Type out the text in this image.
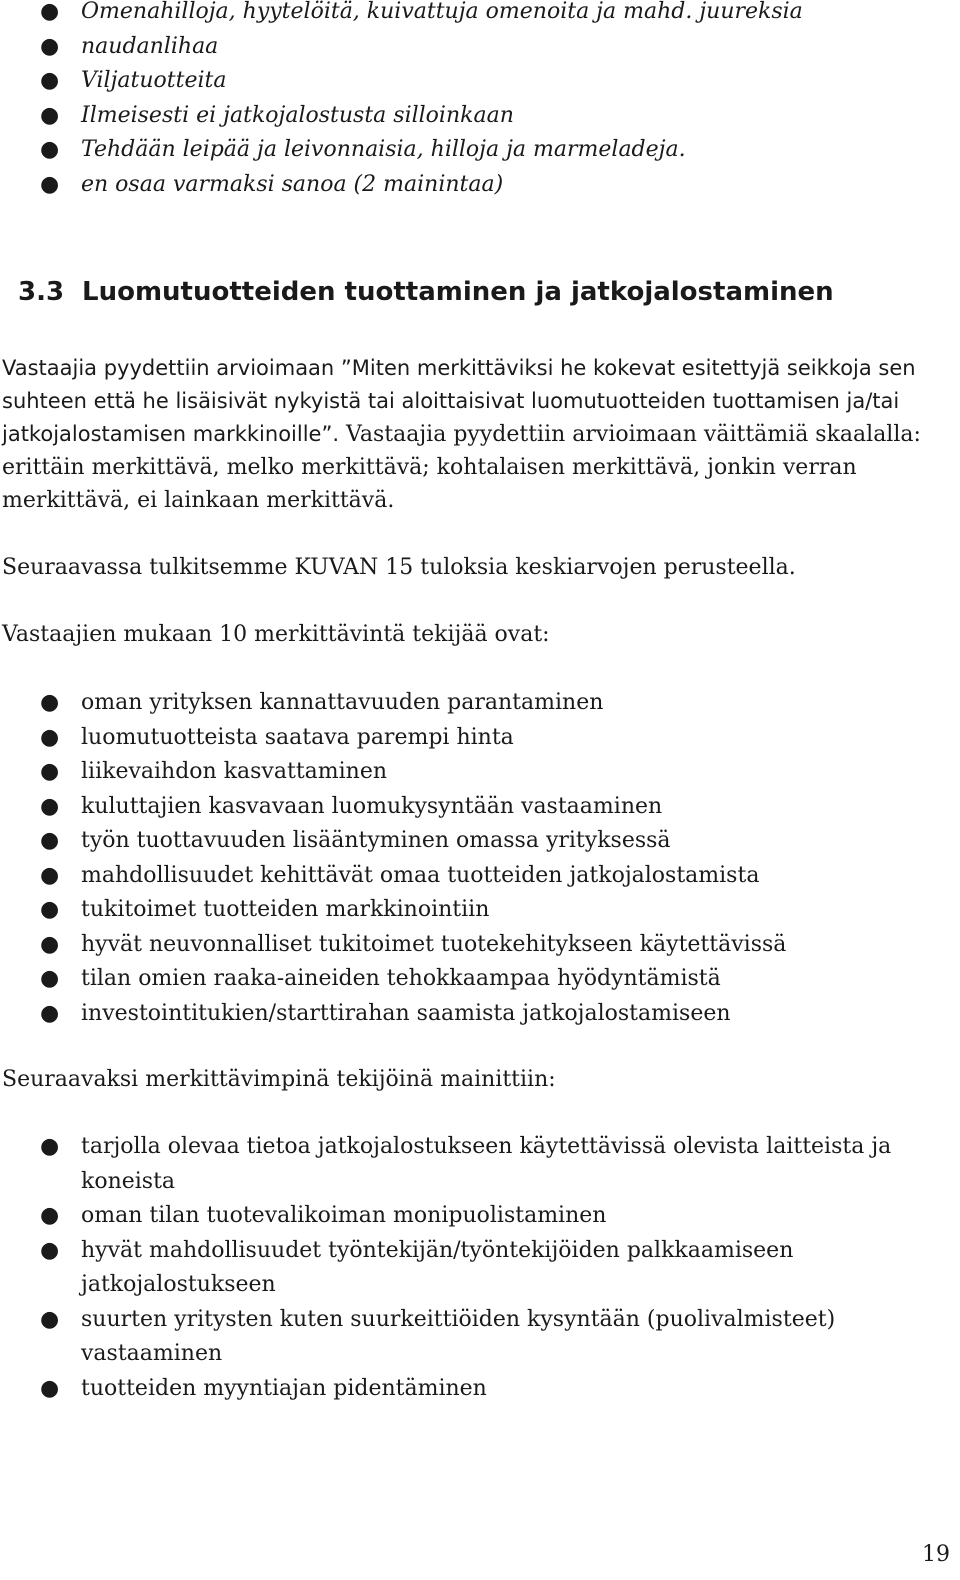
● Omenahilloja, hyytelöitä, kuivattuja omenoita ja mahd. juureksia
● naudanlihaa
● Viljatuotteita
● Ilmeisesti ei jatkojalostusta silloinkaan
● Tehdään leipää ja leivonnaisia, hilloja ja marmeladeja.
● en osaa varmaksi sanoa (2 mainintaa)
3.3 Luomutuotteiden tuottaminen ja jatkojalostaminen

Vastaajia pyydettiin arvioimaan ”Miten merkittäviksi he kokevat esitettyjä seikkoja sen suhteen että he lisäisivät nykyistä tai aloittaisivat luomutuotteiden tuottamisen ja/tai jatkojalostamisen markkinoille”. Vastaajia pyydettiin arvioimaan väittämiä skaalalla: erittäin merkittävä, melko merkittävä; kohtalaisen merkittävä, jonkin verran merkittävä, ei lainkaan merkittävä.

Seuraavassa tulkitsemme KUVAN 15 tuloksia keskiarvojen perusteella.

Vastaajien mukaan 10 merkittävintä tekijää ovat:

● oman yrityksen kannattavuuden parantaminen
● luomutuotteista saatava parempi hinta
● liikevaihdon kasvattaminen
● kuluttajien kasvavaan luomukysyntään vastaaminen
● työn tuottavuuden lisääntyminen omassa yrityksessä
● mahdollisuudet kehittävät omaa tuotteiden jatkojalostamista
● tukitoimet tuotteiden markkinointiin
● hyvät neuvonnalliset tukitoimet tuotekehitykseen käytettävissä
● tilan omien raaka-aineiden tehokkaampaa hyödyntämistä
● investointitukien/starttirahan saamista jatkojalostamiseen

Seuraavaksi merkittävimpinä tekijöinä mainittiin:

● tarjolla olevaa tietoa jatkojalostukseen käytettävissä olevista laitteista ja koneista
● oman tilan tuotevalikoiman monipuolistaminen
● hyvät mahdollisuudet työntekijän/työntekijöiden palkkaamiseen jatkojalostukseen
● suurten yritysten kuten suurkeittiöiden kysyntään (puolivalmisteet) vastaaminen
● tuotteiden myyntiajan pidentäminen
19
